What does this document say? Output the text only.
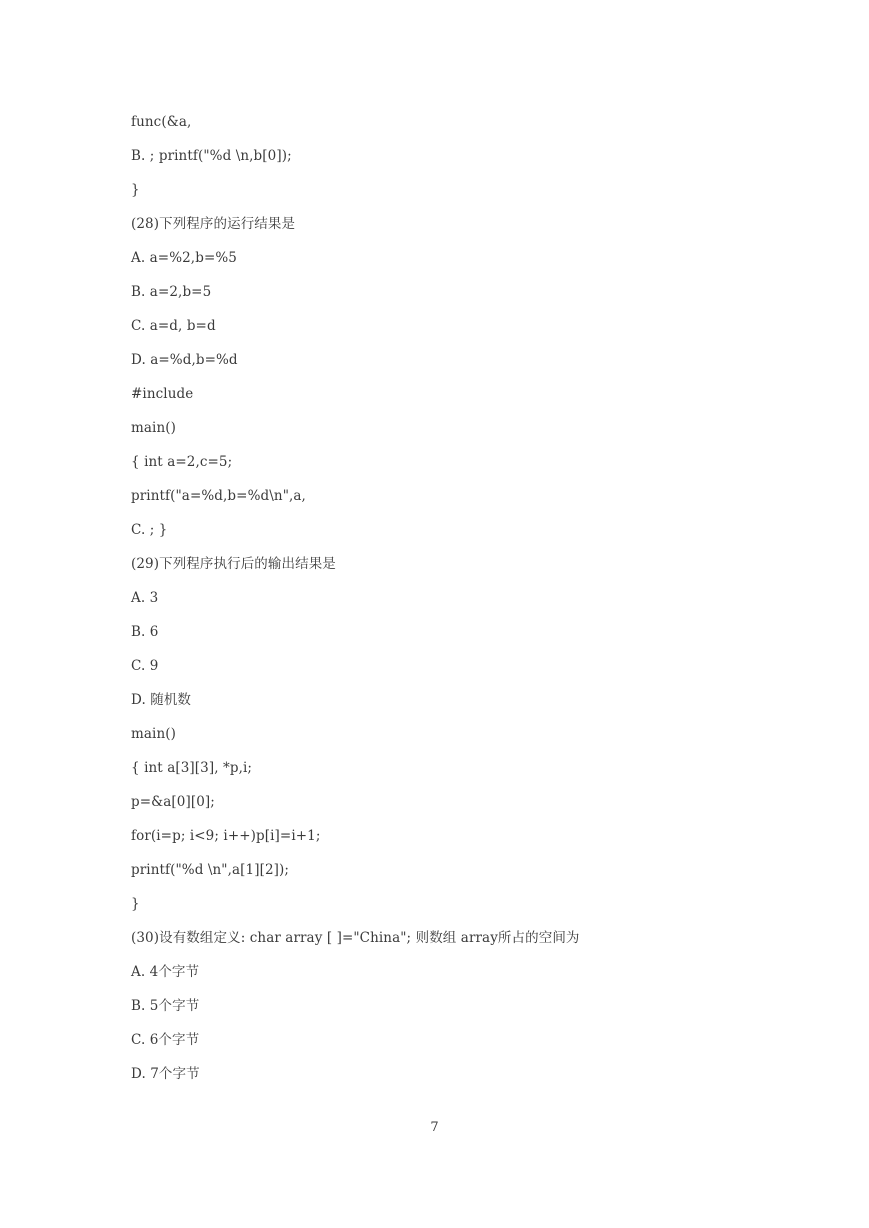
func(&a,
B. ; printf("%d \n,b[0]);
}
(28)下列程序的运行结果是
A. a=%2,b=%5
B. a=2,b=5
C. a=d, b=d
D. a=%d,b=%d
#include
main()
{ int a=2,c=5;
printf("a=%d,b=%d\n",a,
C. ; }
(29)下列程序执行后的输出结果是
A. 3
B. 6
C. 9
D. 随机数
main()
{ int a[3][3], *p,i;
p=&a[0][0];
for(i=p; i<9; i++)p[i]=i+1;
printf("%d \n",a[1][2]);
}
(30)设有数组定义: char array [ ]="China"; 则数组 array所占的空间为
A. 4个字节
B. 5个字节
C. 6个字节
D. 7个字节
7
